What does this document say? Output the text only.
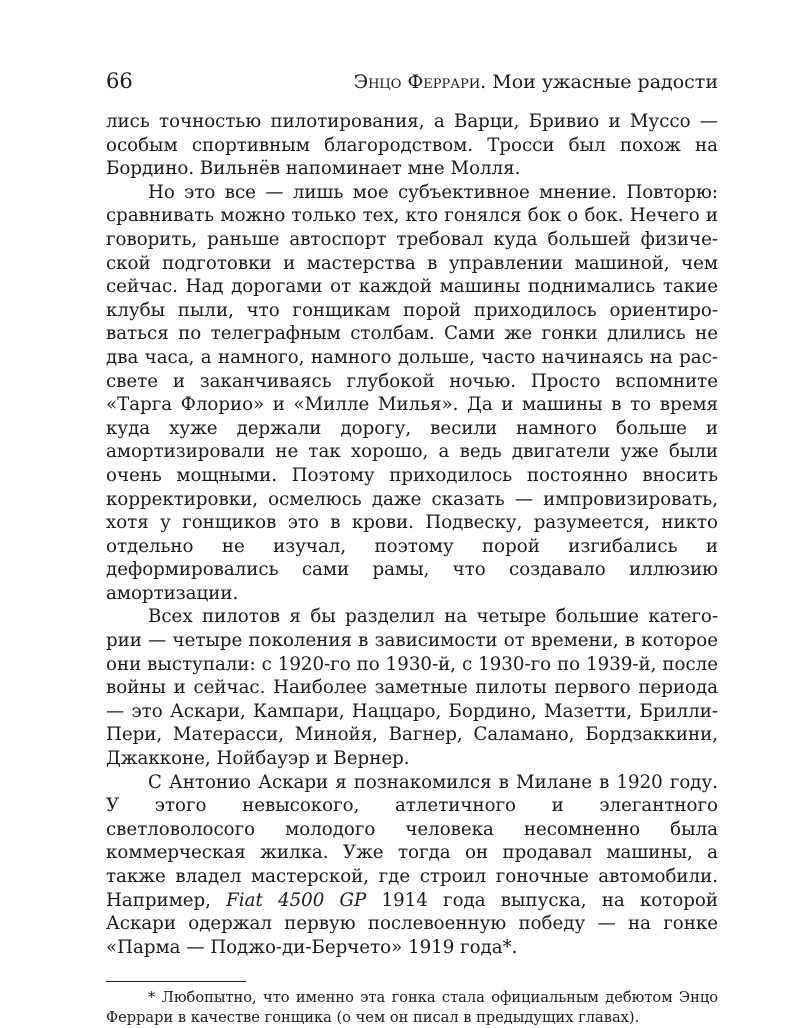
66	Энцо Феррари. Мои ужасные радости

лись точностью пилотирования, а Варци, Бривио и Муссо — особым спортивным благородством. Тросси был похож на Бордино. Вильнёв напоминает мне Молля.

Но это все — лишь мое субъективное мнение. Повторю: сравнивать можно только тех, кто гонялся бок о бок. Нечего и говорить, раньше автоспорт требовал куда большей физической подготовки и мастерства в управлении машиной, чем сейчас. Над дорогами от каждой машины поднимались такие клубы пыли, что гонщикам порой приходилось ориентироваться по телеграфным столбам. Сами же гонки длились не два часа, а намного, намного дольше, часто начинаясь на рассвете и заканчиваясь глубокой ночью. Просто вспомните «Тарга Флорио» и «Милле Милья». Да и машины в то время куда хуже держали дорогу, весили намного больше и амортизировали не так хорошо, а ведь двигатели уже были очень мощными. Поэтому приходилось постоянно вносить корректировки, осмелюсь даже сказать — импровизировать, хотя у гонщиков это в крови. Подвеску, разумеется, никто отдельно не изучал, поэтому порой изгибались и деформировались сами рамы, что создавало иллюзию амортизации.

Всех пилотов я бы разделил на четыре большие категории — четыре поколения в зависимости от времени, в которое они выступали: с 1920-го по 1930-й, с 1930-го по 1939-й, после войны и сейчас. Наиболее заметные пилоты первого периода — это Аскари, Кампари, Наццаро, Бордино, Мазетти, Брилли-Пери, Матерасси, Минойя, Вагнер, Саламано, Бордзаккини, Джакконе, Нойбауэр и Вернер.

С Антонио Аскари я познакомился в Милане в 1920 году. У этого невысокого, атлетичного и элегантного светловолосого молодого человека несомненно была коммерческая жилка. Уже тогда он продавал машины, а также владел мастерской, где строил гоночные автомобили. Например, Fiat 4500 GP 1914 года выпуска, на которой Аскари одержал первую послевоенную победу — на гонке «Парма — Поджо-ди-Берчето» 1919 года*.

* Любопытно, что именно эта гонка стала официальным дебютом Энцо Феррари в качестве гонщика (о чем он писал в предыдущих главах).
